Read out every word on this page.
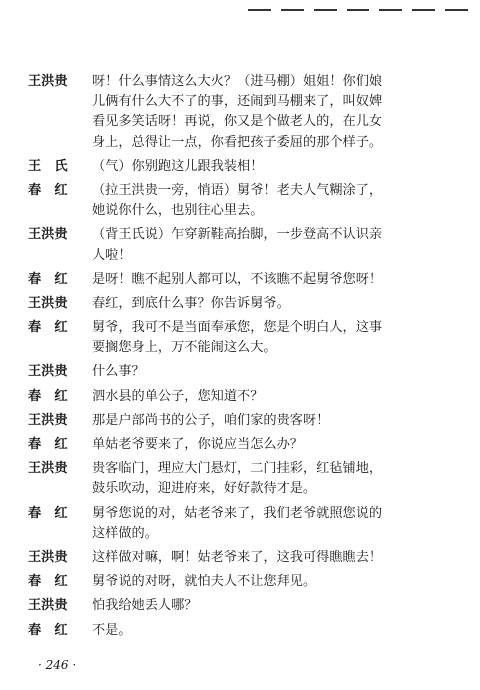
王洪贵	呀！什么事情这么大火？（进马棚）姐姐！你们娘
儿俩有什么大不了的事，还闹到马棚来了，叫奴婢
看见多笑话呀！再说，你又是个做老人的，在儿女
身上，总得让一点，你看把孩子委屈的那个样子。
王　氏	（气）你别跑这儿跟我装相！
春　红	（拉王洪贵一旁，悄语）舅爷！老夫人气糊涂了，
她说你什么，也别往心里去。
王洪贵	（背王氏说）乍穿新鞋高抬脚，一步登高不认识亲
人啦！
春　红	是呀！瞧不起别人都可以，不该瞧不起舅爷您呀！
王洪贵	春红，到底什么事？你告诉舅爷。
春　红	舅爷，我可不是当面奉承您，您是个明白人，这事
要搁您身上，万不能闹这么大。
王洪贵	什么事？
春　红	泗水县的单公子，您知道不？
王洪贵	那是户部尚书的公子，咱们家的贵客呀！
春　红	单姑老爷要来了，你说应当怎么办？
王洪贵	贵客临门，理应大门悬灯，二门挂彩，红毡铺地，
鼓乐吹动，迎进府来，好好款待才是。
春　红	舅爷您说的对，姑老爷来了，我们老爷就照您说的
这样做的。
王洪贵	这样做对嘛，啊！姑老爷来了，这我可得瞧瞧去！
春　红	舅爷说的对呀，就怕夫人不让您拜见。
王洪贵	怕我给她丢人哪？
春　红	不是。
· 246 ·
